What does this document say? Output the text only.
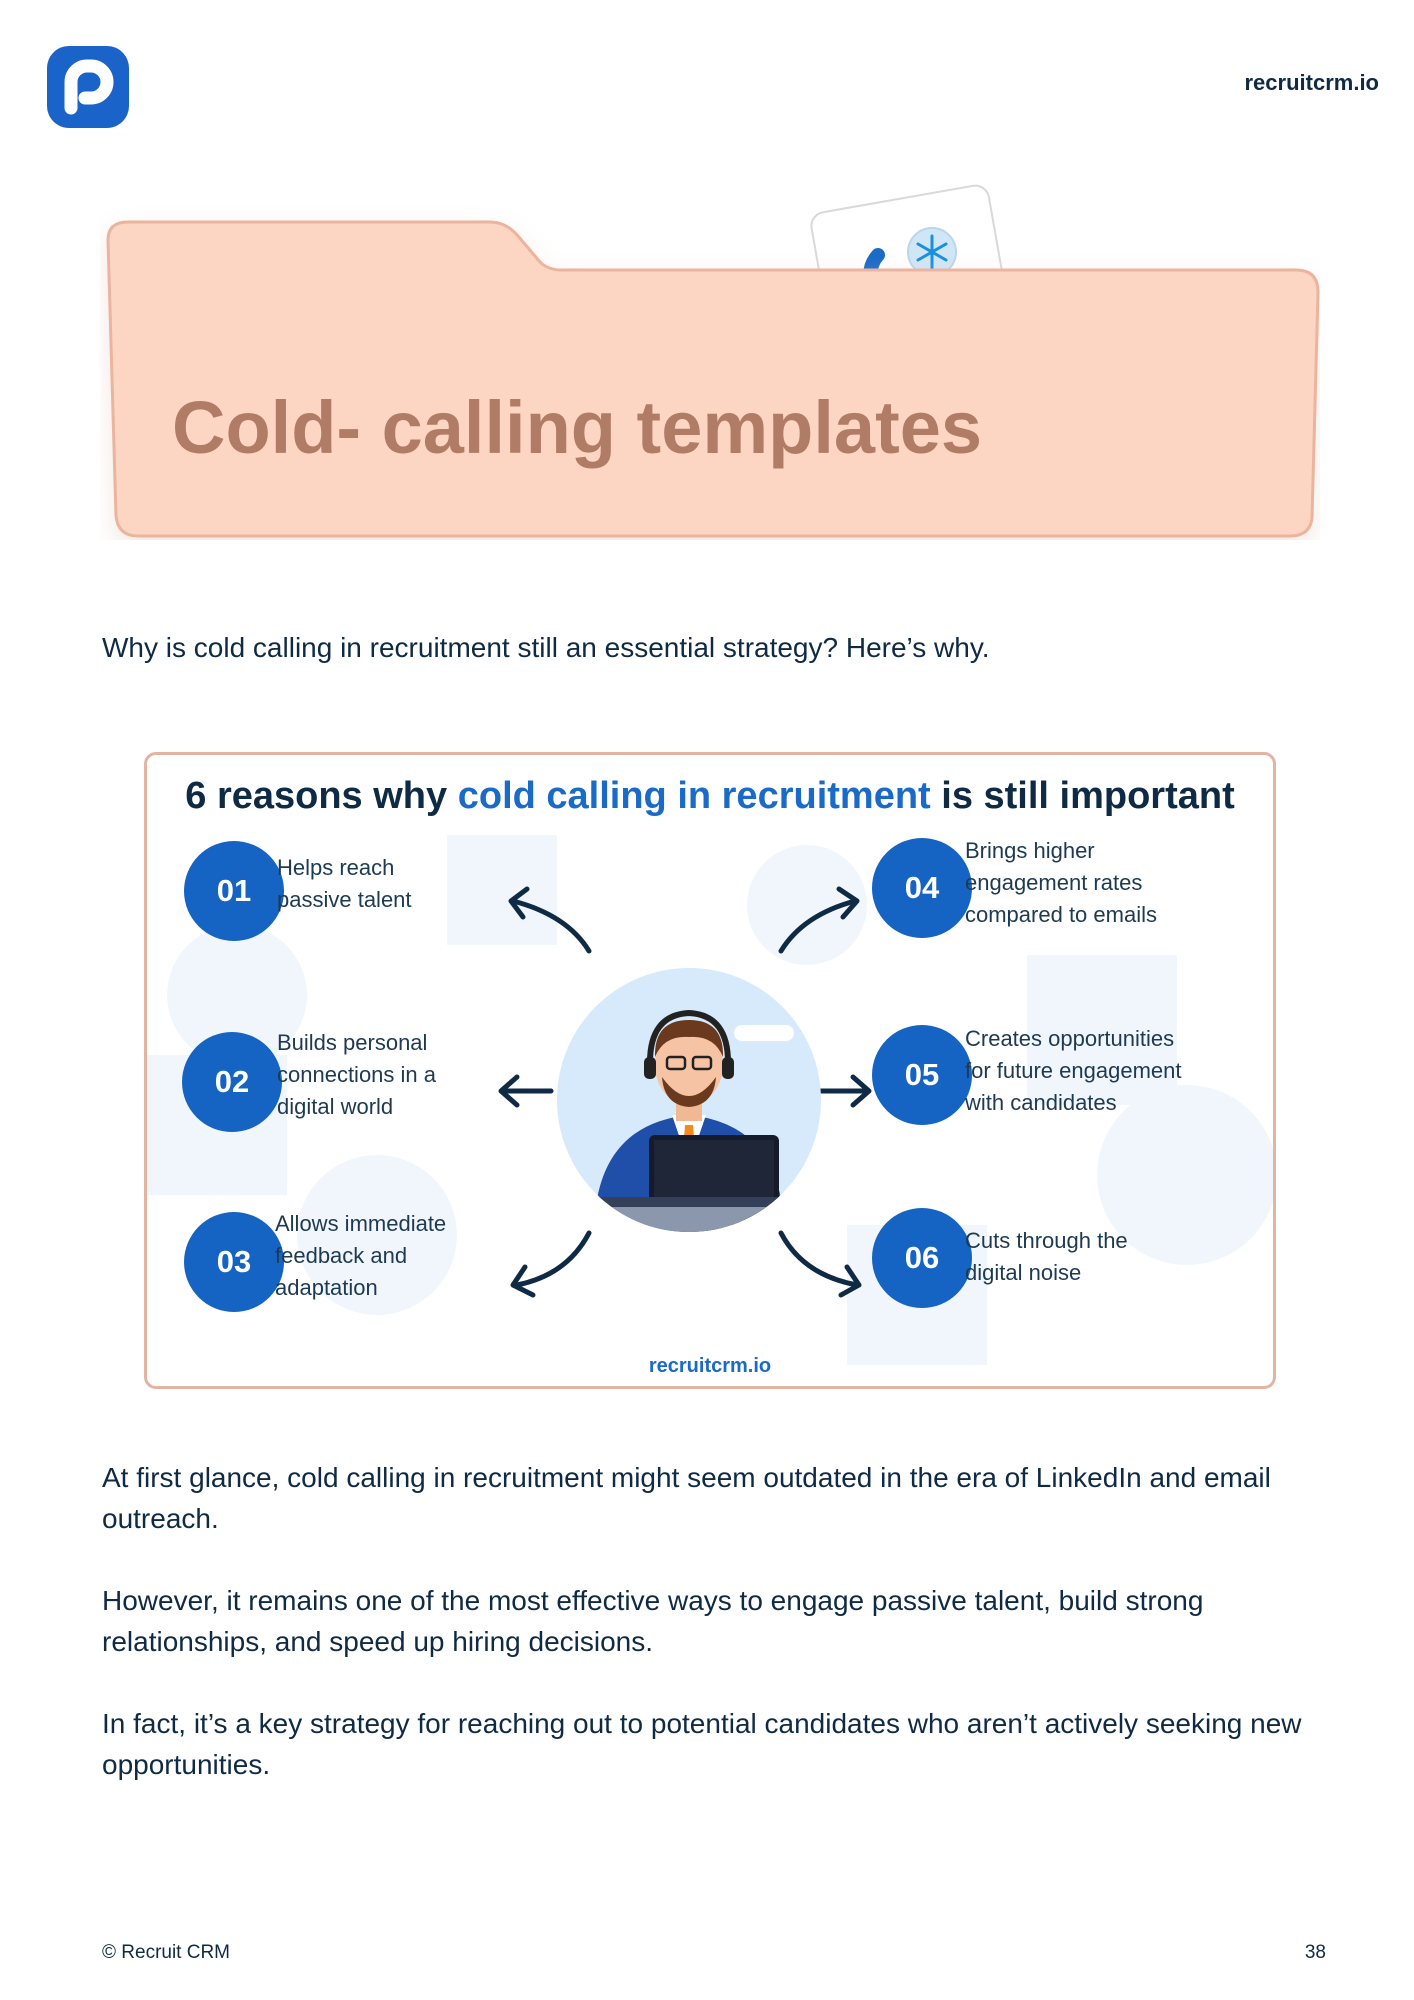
recruitcrm.io
Cold- calling templates
Why is cold calling in recruitment still an essential strategy? Here’s why.
6 reasons why cold calling in recruitment is still important
01
Helps reach
passive talent
02
Builds personal
connections in a
digital world
03
Allows immediate
feedback and
adaptation
04
Brings higher
engagement rates
compared to emails
05
Creates opportunities
for future engagement
with candidates
06	Cuts through the
digital noise
recruitcrm.io

At first glance, cold calling in recruitment might seem outdated in the era of LinkedIn and email outreach.

However, it remains one of the most effective ways to engage passive talent, build strong relationships, and speed up hiring decisions.

In fact, it’s a key strategy for reaching out to potential candidates who aren’t actively seeking new opportunities.

© Recruit CRM	38
